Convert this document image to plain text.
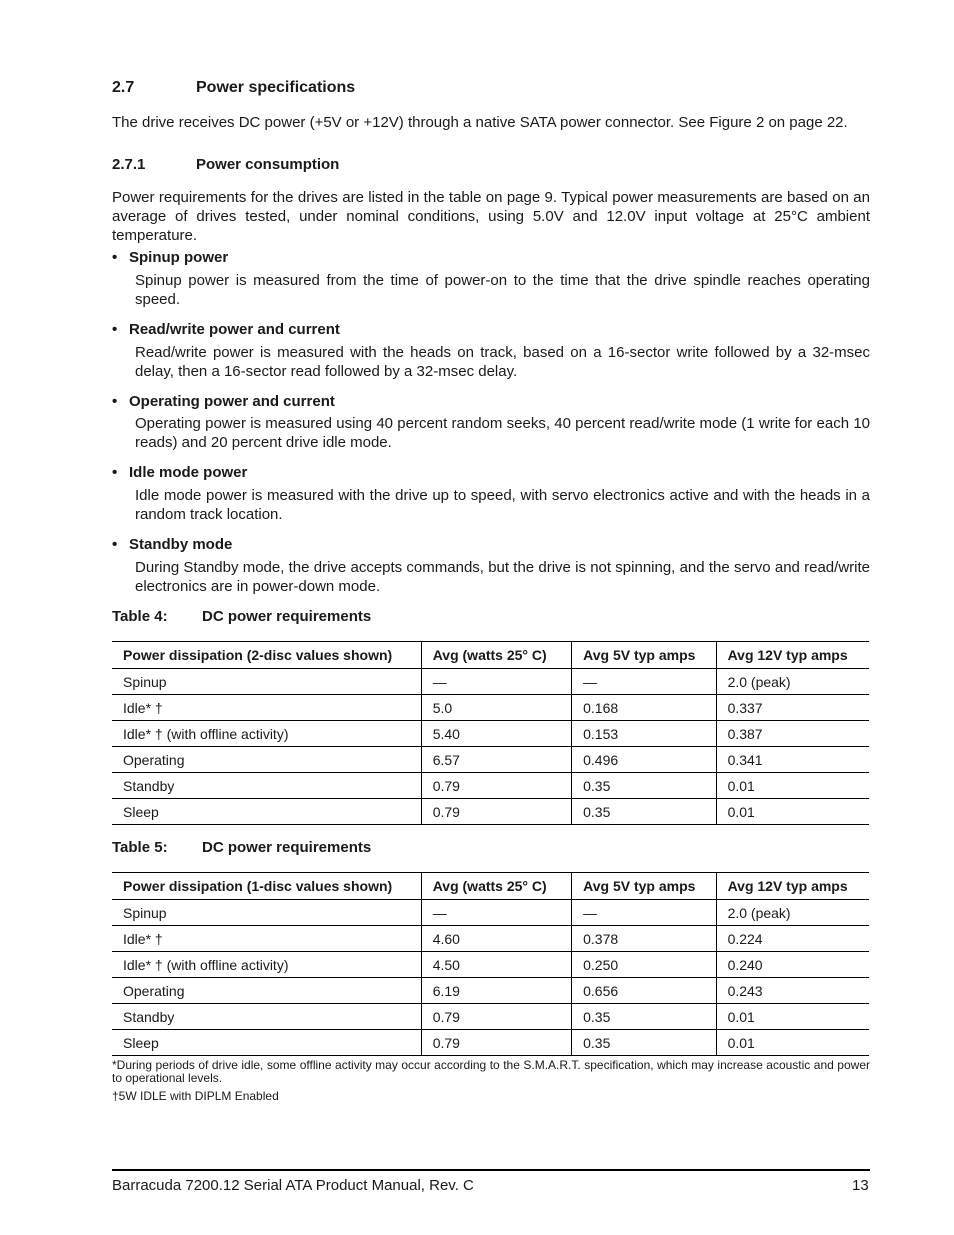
2.7	Power specifications
The drive receives DC power (+5V or +12V) through a native SATA power connector. See Figure 2 on page 22.
2.7.1	Power consumption
Power requirements for the drives are listed in the table on page 9. Typical power measurements are based on an average of drives tested, under nominal conditions, using 5.0V and 12.0V input voltage at 25°C ambient temperature.
• Spinup power
Spinup power is measured from the time of power-on to the time that the drive spindle reaches operating speed.
• Read/write power and current
Read/write power is measured with the heads on track, based on a 16-sector write followed by a 32-msec delay, then a 16-sector read followed by a 32-msec delay.
• Operating power and current
Operating power is measured using 40 percent random seeks, 40 percent read/write mode (1 write for each 10 reads) and 20 percent drive idle mode.
• Idle mode power
Idle mode power is measured with the drive up to speed, with servo electronics active and with the heads in a random track location.
• Standby mode
During Standby mode, the drive accepts commands, but the drive is not spinning, and the servo and read/write electronics are in power-down mode.
Table 4: DC power requirements
Power dissipation (2-disc values shown)	Avg (watts 25° C)	Avg 5V typ amps	Avg 12V typ amps
Spinup	—	—	2.0 (peak)
Idle* †	5.0	0.168	0.337
Idle* † (with offline activity)	5.40	0.153	0.387
Operating	6.57	0.496	0.341
Standby	0.79	0.35	0.01
Sleep	0.79	0.35	0.01
Table 5: DC power requirements
Power dissipation (1-disc values shown)	Avg (watts 25° C)	Avg 5V typ amps	Avg 12V typ amps
Spinup	—	—	2.0 (peak)
Idle* †	4.60	0.378	0.224
Idle* † (with offline activity)	4.50	0.250	0.240
Operating	6.19	0.656	0.243
Standby	0.79	0.35	0.01
Sleep	0.79	0.35	0.01
*During periods of drive idle, some offline activity may occur according to the S.M.A.R.T. specification, which may increase acoustic and power to operational levels.
†5W IDLE with DIPLM Enabled
Barracuda 7200.12 Serial ATA Product Manual, Rev. C	13
